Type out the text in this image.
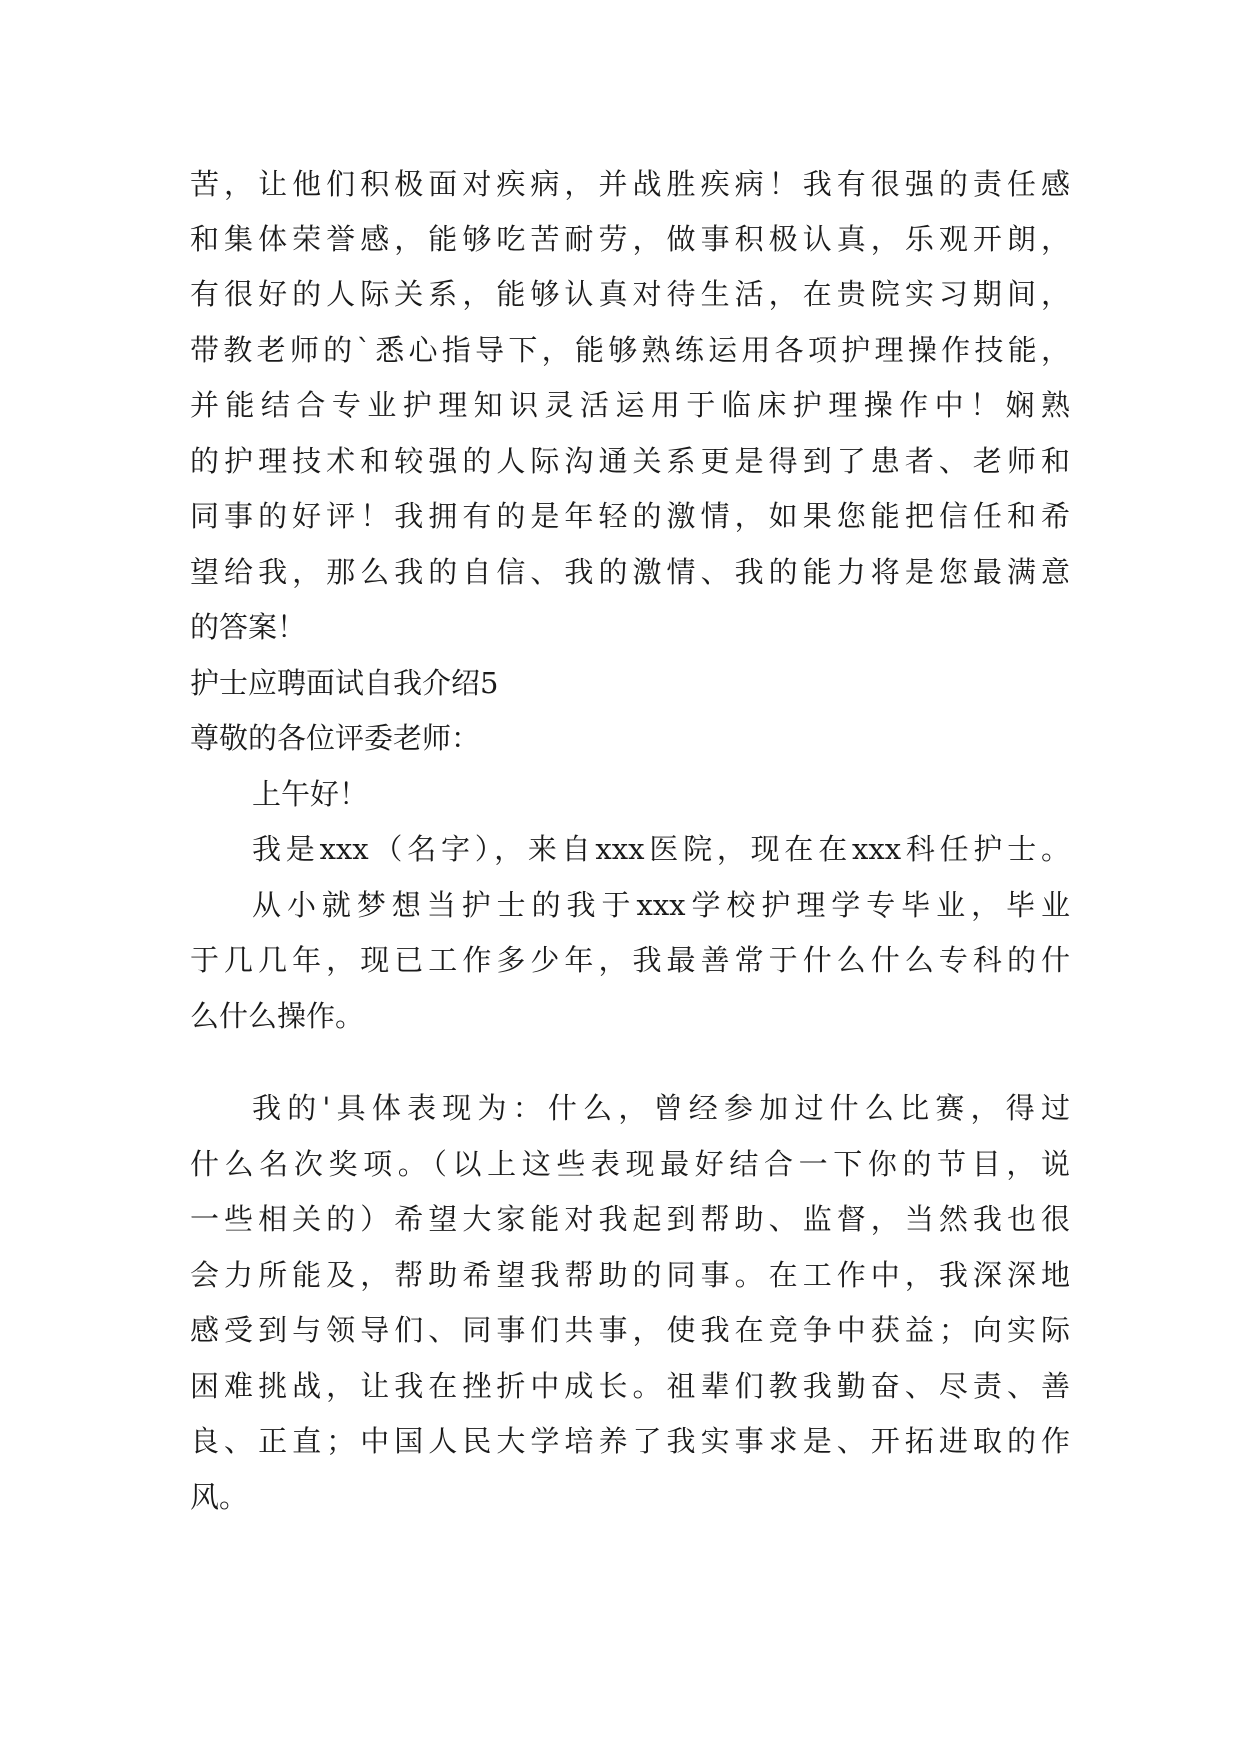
苦，让他们积极面对疾病，并战胜疾病！我有很强的责任感
和集体荣誉感，能够吃苦耐劳，做事积极认真，乐观开朗，
有很好的人际关系，能够认真对待生活，在贵院实习期间，
带教老师的`悉心指导下，能够熟练运用各项护理操作技能，
并能结合专业护理知识灵活运用于临床护理操作中！娴熟
的护理技术和较强的人际沟通关系更是得到了患者、老师和
同事的好评！我拥有的是年轻的激情，如果您能把信任和希
望给我，那么我的自信、我的激情、我的能力将是您最满意
的答案！
护士应聘面试自我介绍5
尊敬的各位评委老师：
上午好！
我是xxx（名字），来自xxx医院，现在在xxx科任护士。
从小就梦想当护士的我于xxx学校护理学专毕业，毕业
于几几年，现已工作多少年，我最善常于什么什么专科的什
么什么操作。
我的'具体表现为：什么，曾经参加过什么比赛，得过
什么名次奖项。（以上这些表现最好结合一下你的节目，说
一些相关的）希望大家能对我起到帮助、监督，当然我也很
会力所能及，帮助希望我帮助的同事。在工作中，我深深地
感受到与领导们、同事们共事，使我在竞争中获益；向实际
困难挑战，让我在挫折中成长。祖辈们教我勤奋、尽责、善
良、正直；中国人民大学培养了我实事求是、开拓进取的作
风。
